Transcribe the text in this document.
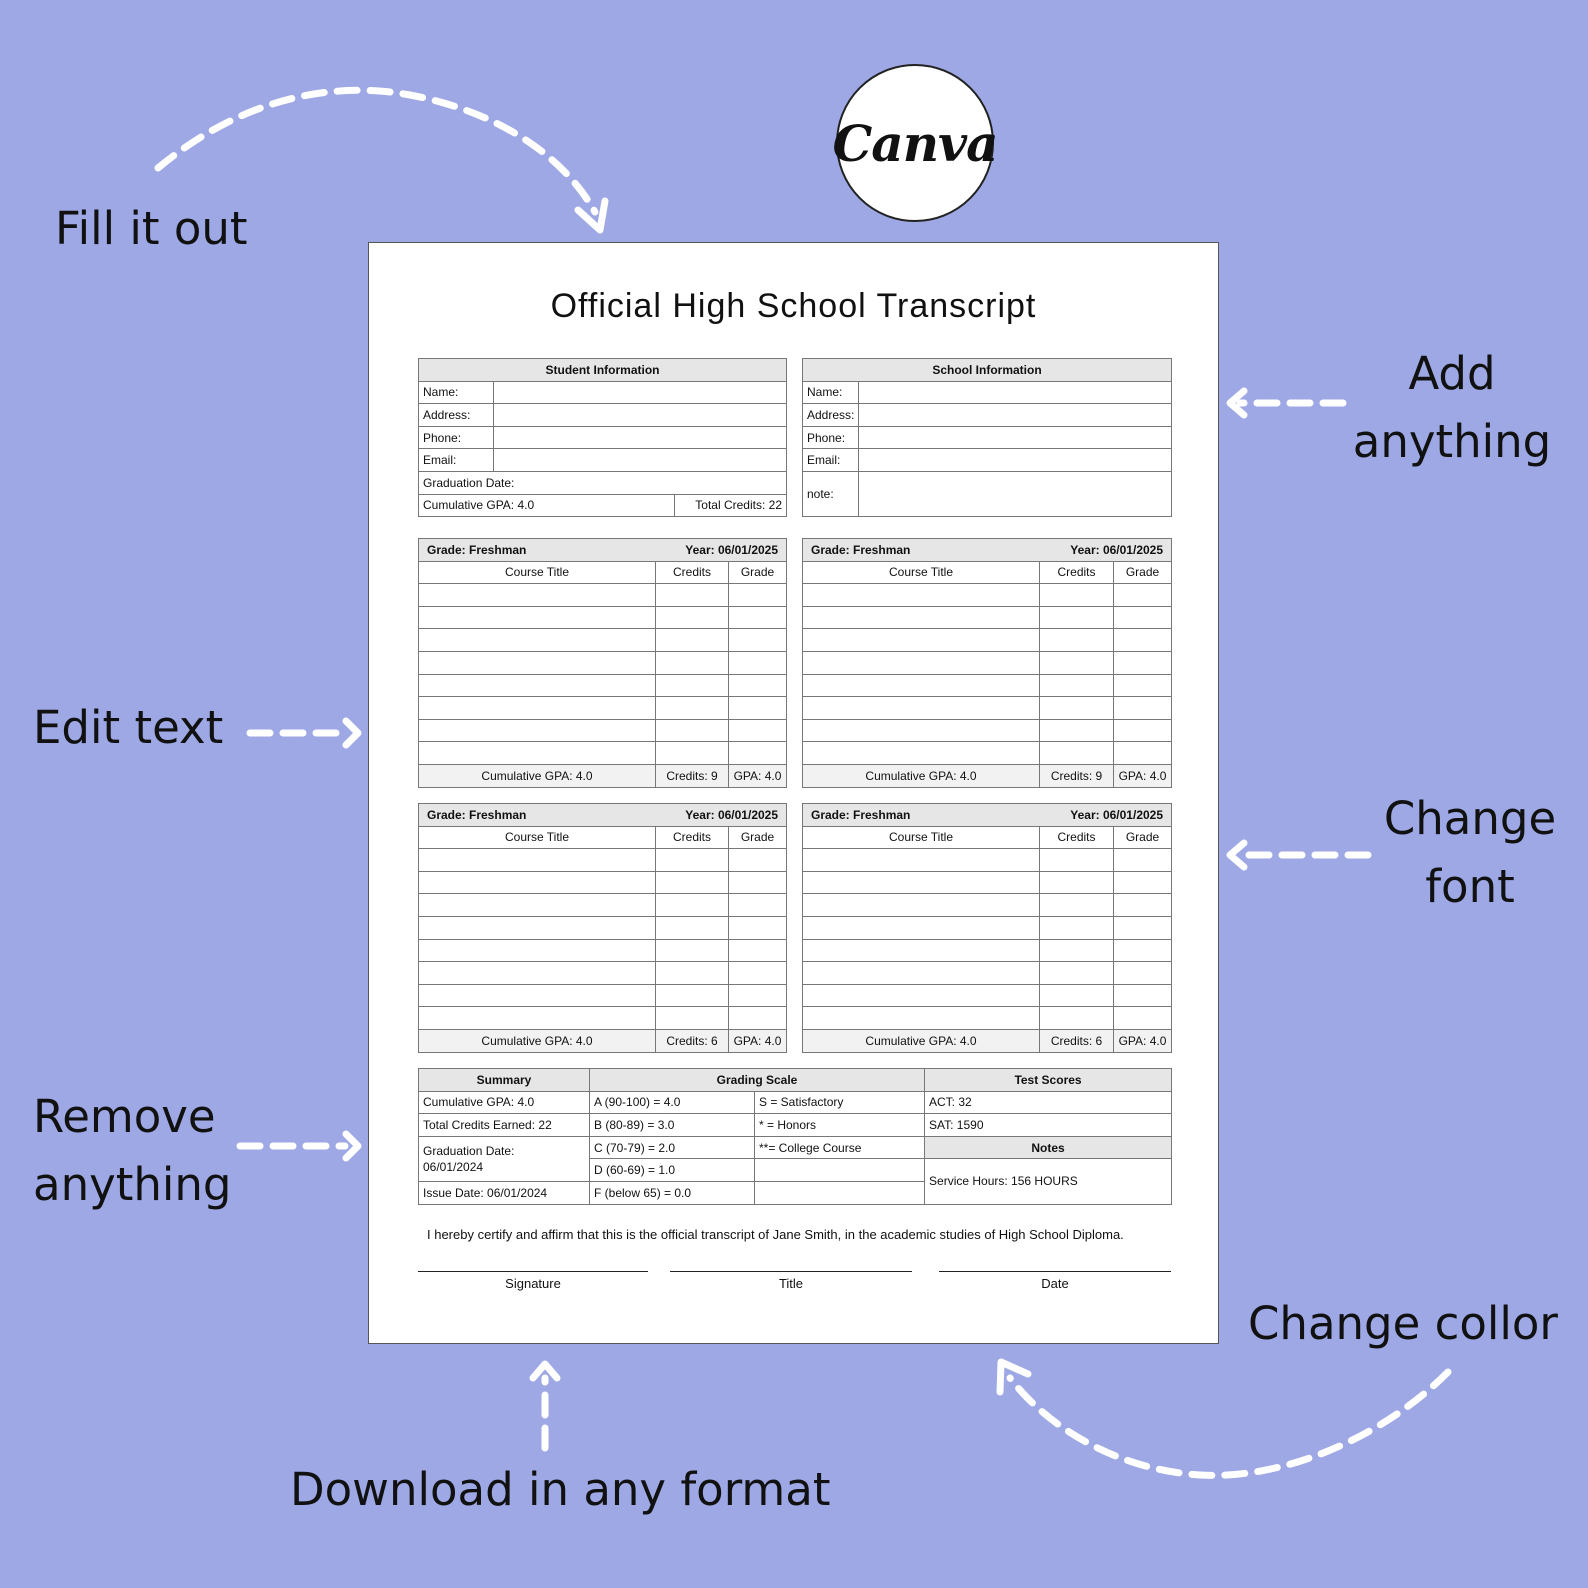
Fill it out
Add
anything
Edit text
Change
font
Remove
anything
Change collor
Download in any format
Canva
Official High School Transcript
Student Information		
Name:		
Address:		
Phone:		
Email:		
Graduation Date:		
Cumulative GPA: 4.0		Total Credits: 22
School Information	
Name:	
Address:	
Phone:	
Email:	
note:	
Grade: Freshman Year: 06/01/2025		

Course Title	Credits	Grade

Cumulative GPA: 4.0	Credits: 9	GPA: 4.0
Grade: Freshman Year: 06/01/2025		

Course Title	Credits	Grade

Cumulative GPA: 4.0	Credits: 9	GPA: 4.0
Grade: Freshman Year: 06/01/2025		

Course Title	Credits	Grade

Cumulative GPA: 4.0	Credits: 6	GPA: 4.0
Grade: Freshman Year: 06/01/2025		

Course Title	Credits	Grade

Cumulative GPA: 4.0	Credits: 6	GPA: 4.0
Summary	Grading Scale		Test Scores
Cumulative GPA: 4.0	A (90-100) = 4.0	S = Satisfactory	ACT: 32
Total Credits Earned: 22	B (80-89) = 3.0	* = Honors	SAT: 1590

Graduation Date:
06/01/2024	C (70-79) = 2.0	**= College Course	Notes
	D (60-69) = 1.0		Service Hours: 156 HOURS
Issue Date: 06/01/2024	F (below 65) = 0.0		
I hereby certify and affirm that this is the official transcript of Jane Smith, in the academic studies of High School Diploma.
Signature	Title	Date
